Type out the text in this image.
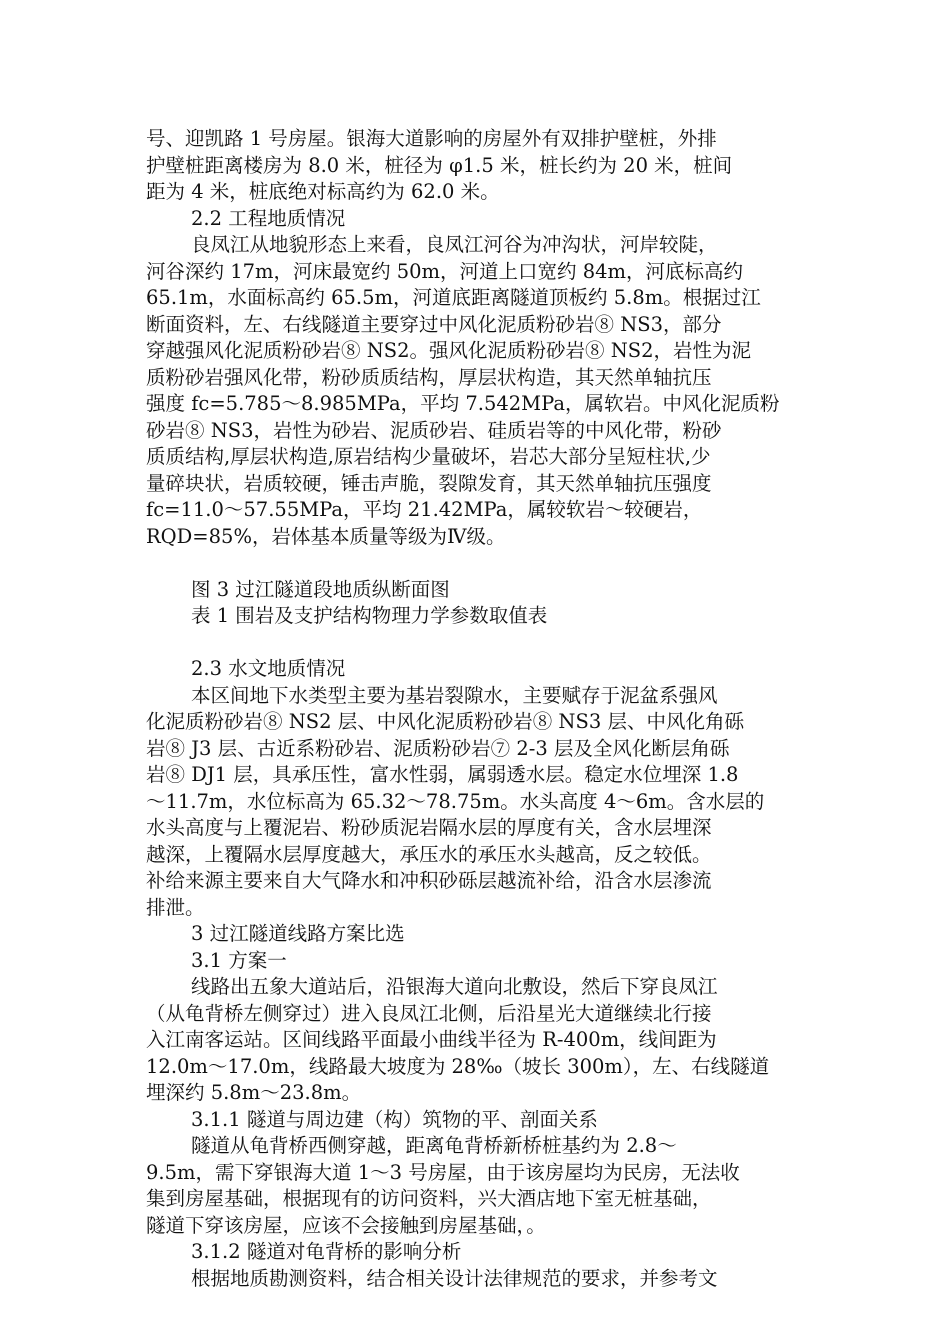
号、迎凯路 1 号房屋。银海大道影响的房屋外有双排护壁桩，外排
护壁桩距离楼房为 8.0 米，桩径为 φ1.5 米，桩长约为 20 米，桩间
距为 4 米，桩底绝对标高约为 62.0 米。
2.2 工程地质情况
良凤江从地貌形态上来看，良凤江河谷为冲沟状，河岸较陡，
河谷深约 17m，河床最宽约 50m，河道上口宽约 84m，河底标高约
65.1m，水面标高约 65.5m，河道底距离隧道顶板约 5.8m。根据过江
断面资料，左、右线隧道主要穿过中风化泥质粉砂岩⑧ NS3，部分
穿越强风化泥质粉砂岩⑧ NS2。强风化泥质粉砂岩⑧ NS2，岩性为泥
质粉砂岩强风化带，粉砂质质结构，厚层状构造，其天然单轴抗压
强度 fc=5.785～8.985MPa，平均 7.542MPa，属软岩。中风化泥质粉
砂岩⑧ NS3，岩性为砂岩、泥质砂岩、硅质岩等的中风化带，粉砂
质质结构,厚层状构造,原岩结构少量破坏，岩芯大部分呈短柱状,少
量碎块状，岩质较硬，锤击声脆，裂隙发育，其天然单轴抗压强度
fc=11.0～57.55MPa，平均 21.42MPa，属较软岩～较硬岩，
RQD=85%，岩体基本质量等级为Ⅳ级。
图 3 过江隧道段地质纵断面图
表 1 围岩及支护结构物理力学参数取值表
2.3 水文地质情况
本区间地下水类型主要为基岩裂隙水，主要赋存于泥盆系强风
化泥质粉砂岩⑧ NS2 层、中风化泥质粉砂岩⑧ NS3 层、中风化角砾
岩⑧ J3 层、古近系粉砂岩、泥质粉砂岩⑦ 2-3 层及全风化断层角砾
岩⑧ DJ1 层，具承压性，富水性弱，属弱透水层。稳定水位埋深 1.8
～11.7m，水位标高为 65.32～78.75m。水头高度 4～6m。含水层的
水头高度与上覆泥岩、粉砂质泥岩隔水层的厚度有关，含水层埋深
越深，上覆隔水层厚度越大，承压水的承压水头越高，反之较低。
补给来源主要来自大气降水和冲积砂砾层越流补给，沿含水层渗流
排泄。
3 过江隧道线路方案比选
3.1 方案一
线路出五象大道站后，沿银海大道向北敷设，然后下穿良凤江
（从龟背桥左侧穿过）进入良凤江北侧，后沿星光大道继续北行接
入江南客运站。区间线路平面最小曲线半径为 R-400m，线间距为
12.0m～17.0m，线路最大坡度为 28‰（坡长 300m），左、右线隧道
埋深约 5.8m～23.8m。
3.1.1 隧道与周边建（构）筑物的平、剖面关系
隧道从龟背桥西侧穿越，距离龟背桥新桥桩基约为 2.8～
9.5m，需下穿银海大道 1～3 号房屋，由于该房屋均为民房，无法收
集到房屋基础，根据现有的访问资料，兴大酒店地下室无桩基础，
隧道下穿该房屋，应该不会接触到房屋基础，。
3.1.2 隧道对龟背桥的影响分析
根据地质勘测资料，结合相关设计法律规范的要求，并参考文
